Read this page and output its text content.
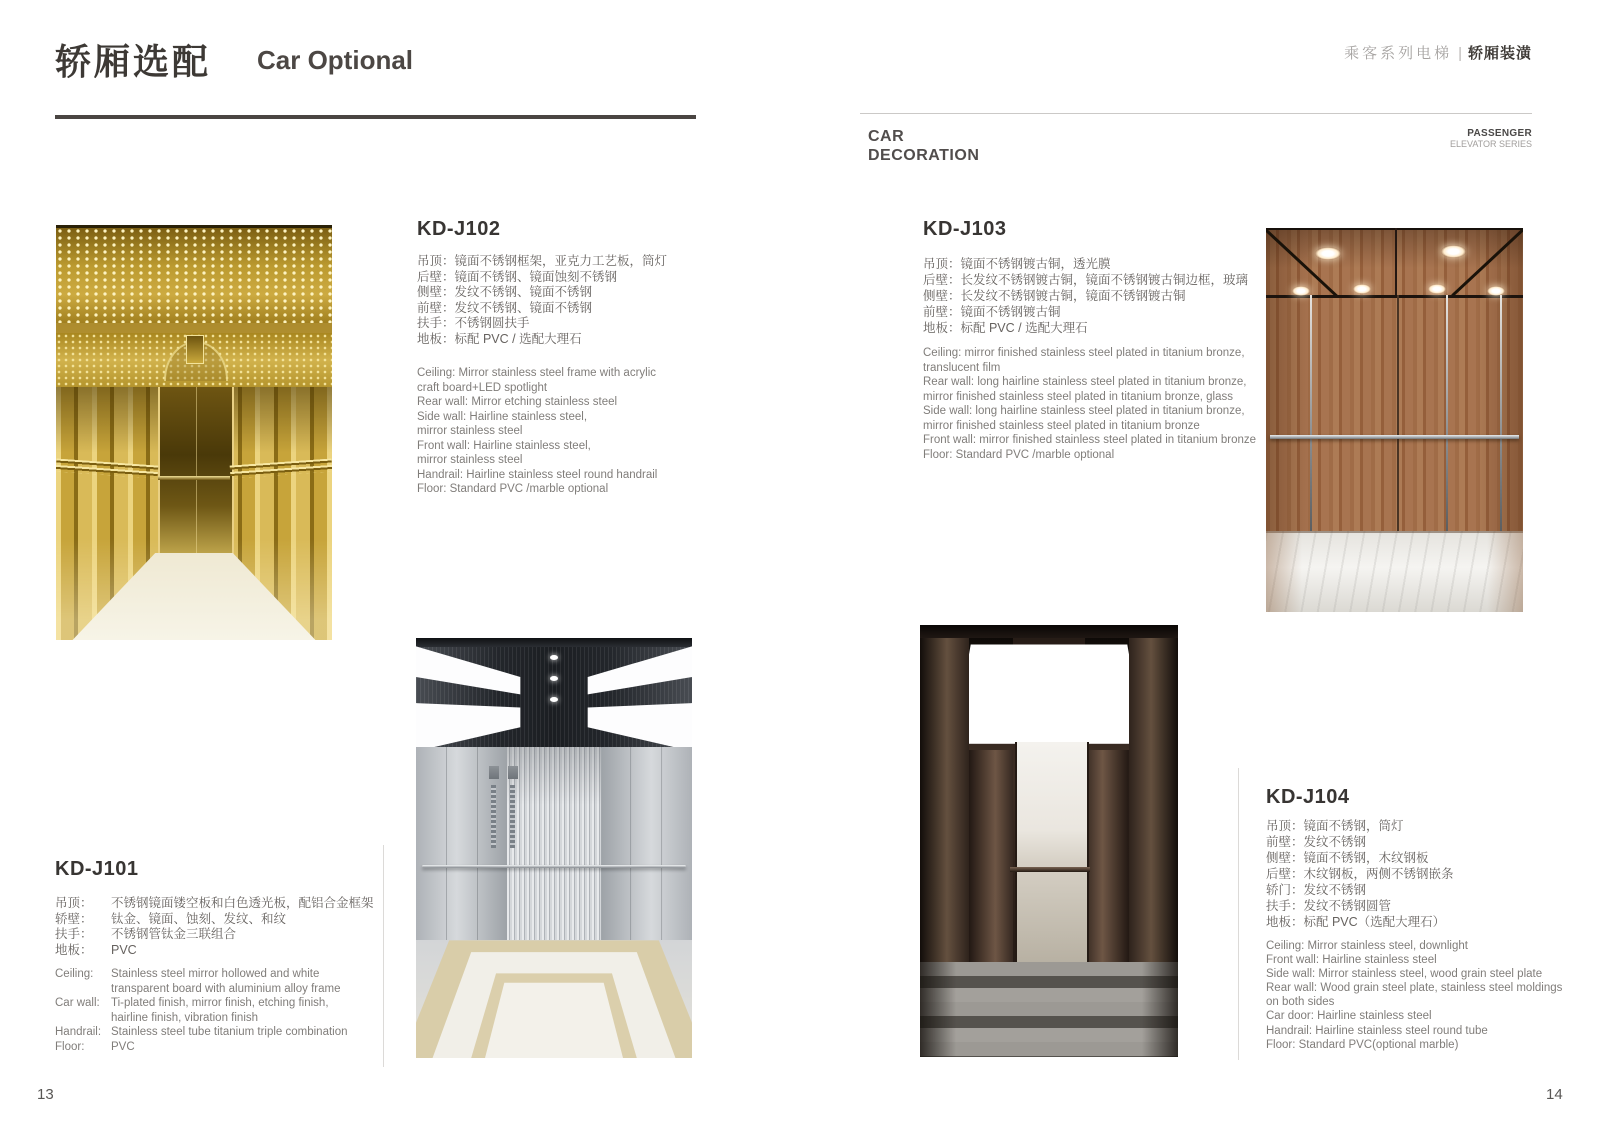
轿厢选配 Car Optional	乘客系列电梯 | 轿厢装潢
CAR
DECORATION
PASSENGER
ELEVATOR SERIES
KD-J101
吊顶： 不锈钢镜面镂空板和白色透光板，配铝合金框架
轿壁： 钛金、镜面、蚀刻、发纹、和纹
扶手： 不锈钢管钛金三联组合
地板： PVC
Ceiling: Stainless steel mirror hollowed and white
transparent board with aluminium alloy frame
Car wall: Ti-plated finish, mirror finish, etching finish,
hairline finish, vibration finish
Handrail: Stainless steel tube titanium triple combination
Floor: PVC
KD-J102
吊顶：镜面不锈钢框架，亚克力工艺板，筒灯
后壁：镜面不锈钢、镜面蚀刻不锈钢
侧壁：发纹不锈钢、镜面不锈钢
前壁：发纹不锈钢、镜面不锈钢
扶手：不锈钢圆扶手
地板：标配 PVC / 选配大理石
Ceiling: Mirror stainless steel frame with acrylic
craft board+LED spotlight
Rear wall: Mirror etching stainless steel
Side wall: Hairline stainless steel,
mirror stainless steel
Front wall: Hairline stainless steel,
mirror stainless steel
Handrail: Hairline stainless steel round handrail
Floor: Standard PVC /marble optional
KD-J103
吊顶：镜面不锈钢镀古铜，透光膜
后壁：长发纹不锈钢镀古铜，镜面不锈钢镀古铜边框，玻璃
侧壁：长发纹不锈钢镀古铜，镜面不锈钢镀古铜
前壁：镜面不锈钢镀古铜
地板：标配 PVC / 选配大理石
Ceiling: mirror finished stainless steel plated in titanium bronze,
translucent film
Rear wall: long hairline stainless steel plated in titanium bronze,
mirror finished stainless steel plated in titanium bronze, glass
Side wall: long hairline stainless steel plated in titanium bronze,
mirror finished stainless steel plated in titanium bronze
Front wall: mirror finished stainless steel plated in titanium bronze
Floor: Standard PVC /marble optional
KD-J104
吊顶：镜面不锈钢，筒灯
前壁：发纹不锈钢
侧壁：镜面不锈钢，木纹钢板
后壁：木纹钢板，两侧不锈钢嵌条
轿门：发纹不锈钢
扶手：发纹不锈钢圆管
地板：标配 PVC（选配大理石）
Ceiling: Mirror stainless steel, downlight
Front wall: Hairline stainless steel
Side wall: Mirror stainless steel, wood grain steel plate
Rear wall: Wood grain steel plate, stainless steel moldings
on both sides
Car door: Hairline stainless steel
Handrail: Hairline stainless steel round tube
Floor: Standard PVC(optional marble)
13	14
